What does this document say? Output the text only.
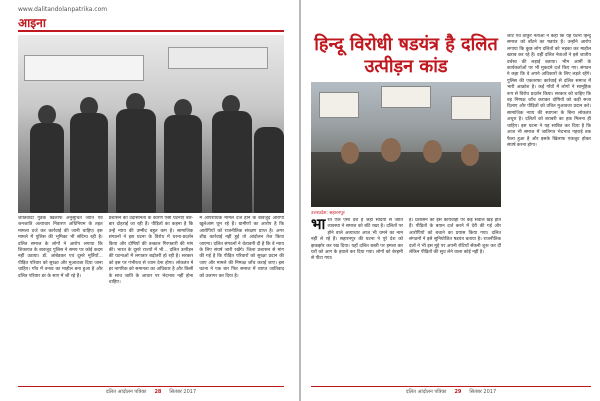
www.dalitandolanpatrika.com
आइना
जातिवादी गुंडेके खिलाफ अनुसूचित जाति एवं जनजाति अत्याचार निवारण अधिनियम के तहत मामला दर्ज कर कार्रवाई की जानी चाहिए। इस मामले में पुलिस की भूमिका भी संदिग्ध रही है। दलित समाज के लोगों ने आरोप लगाया कि शिकायत के बावजूद पुलिस ने समय पर कोई कदम नहीं उठाया। डॉ. आंबेडकर एवं दूसरे मूर्तियाँ... पीड़ित परिवार को सुरक्षा और मुआवजा दिया जाना चाहिए। गाँव में तनाव का माहौल बना हुआ है और दलित परिवार डर के साए में जी रहे हैं।
प्रशासन की उदासीनता के कारण ऐसी घटनाएँ बार-बार दोहराई जा रही हैं। पीड़ितों का कहना है कि उन्हें न्याय की उम्मीद बहुत कम है। सामाजिक संगठनों ने इस घटना के विरोध में धरना-प्रदर्शन किया और दोषियों की तत्काल गिरफ्तारी की मांग की। भारत के दूसरे राज्यों में भी... दलित उत्पीड़न की घटनाओं में लगातार बढ़ोतरी हो रही है। सरकार को इस पर गंभीरता से ध्यान देना होगा। लोकतंत्र में हर नागरिक को समानता का अधिकार है और किसी के साथ जाति के आधार पर भेदभाव नहीं होना चाहिए।
में आपराधिक मामले दर्ज होने के बावजूद आरोपी खुलेआम घूम रहे हैं। ग्रामीणों का आरोप है कि आरोपियों को राजनीतिक संरक्षण प्राप्त है। अगर शीघ्र कार्रवाई नहीं हुई तो आंदोलन तेज किया जाएगा। दलित संगठनों ने चेतावनी दी है कि वे न्याय के लिए संघर्ष जारी रखेंगे। जिला प्रशासन से मांग की गई है कि पीड़ित परिवारों को सुरक्षा प्रदान की जाए और मामले की निष्पक्ष जाँच कराई जाए। इस घटना ने एक बार फिर समाज में व्याप्त जातिवाद को उजागर कर दिया है।
दलित आंदोलन पत्रिका 28 सितंबर 2017
हिन्दू विरोधी षडयंत्र है दलित उत्पीड़न कांड
उत्तरप्रदेश: सहारनपुर
भारत एक ऐसा देश है जहाँ सदियों से जाति व्यवस्था ने समाज को बाँटे रखा है। दलितों पर होने वाले अत्याचार आज भी थमने का नाम नहीं ले रहे हैं। सहारनपुर की घटना ने पूरे देश को झकझोर कर रख दिया। यहाँ दलित बस्ती पर हमला कर घरों को आग के हवाले कर दिया गया। लोगों को बेरहमी से पीटा गया।
है। प्रशासन की इस कार्यवाही पर कई सवाल खड़े होते हैं। पीड़ितों के बयान दर्ज करने में देरी की गई और आरोपियों को बचाने का प्रयास किया गया। दलित संगठनों ने इसे सुनियोजित षडयंत्र बताया है। राजनीतिक दलों ने भी इस मुद्दे पर अपनी रोटियाँ सेंकनी शुरू कर दीं लेकिन पीड़ितों की सुध लेने वाला कोई नहीं है।
जाट एवं ठाकुर नेताओं ने कहा कि यह घटना हिन्दू समाज को बाँटने का षडयंत्र है। उन्होंने आरोप लगाया कि कुछ लोग दलितों को भड़का कर माहौल खराब कर रहे हैं। वहीं दलित नेताओं ने इसे जातीय वर्चस्व की लड़ाई बताया। भीम आर्मी के कार्यकर्ताओं पर भी मुकदमे दर्ज किए गए। संगठन ने कहा कि वे अपने अधिकारों के लिए लड़ते रहेंगे। पुलिस की एकतरफा कार्रवाई से दलित समाज में भारी आक्रोश है। कई गाँवों में लोगों ने सामूहिक रूप से विरोध प्रदर्शन किया। सरकार को चाहिए कि वह निष्पक्ष जाँच कराकर दोषियों को कड़ी सजा दिलाए और पीड़ितों को उचित मुआवजा प्रदान करे। सामाजिक न्याय की स्थापना के बिना लोकतंत्र अधूरा है। दलितों को बराबरी का हक मिलना ही चाहिए। इस घटना ने यह साबित कर दिया है कि आज भी समाज में जातिगत भेदभाव गहराई तक फैला हुआ है और इसके खिलाफ एकजुट होकर संघर्ष करना होगा।
दलित आंदोलन पत्रिका 29 सितंबर 2017
